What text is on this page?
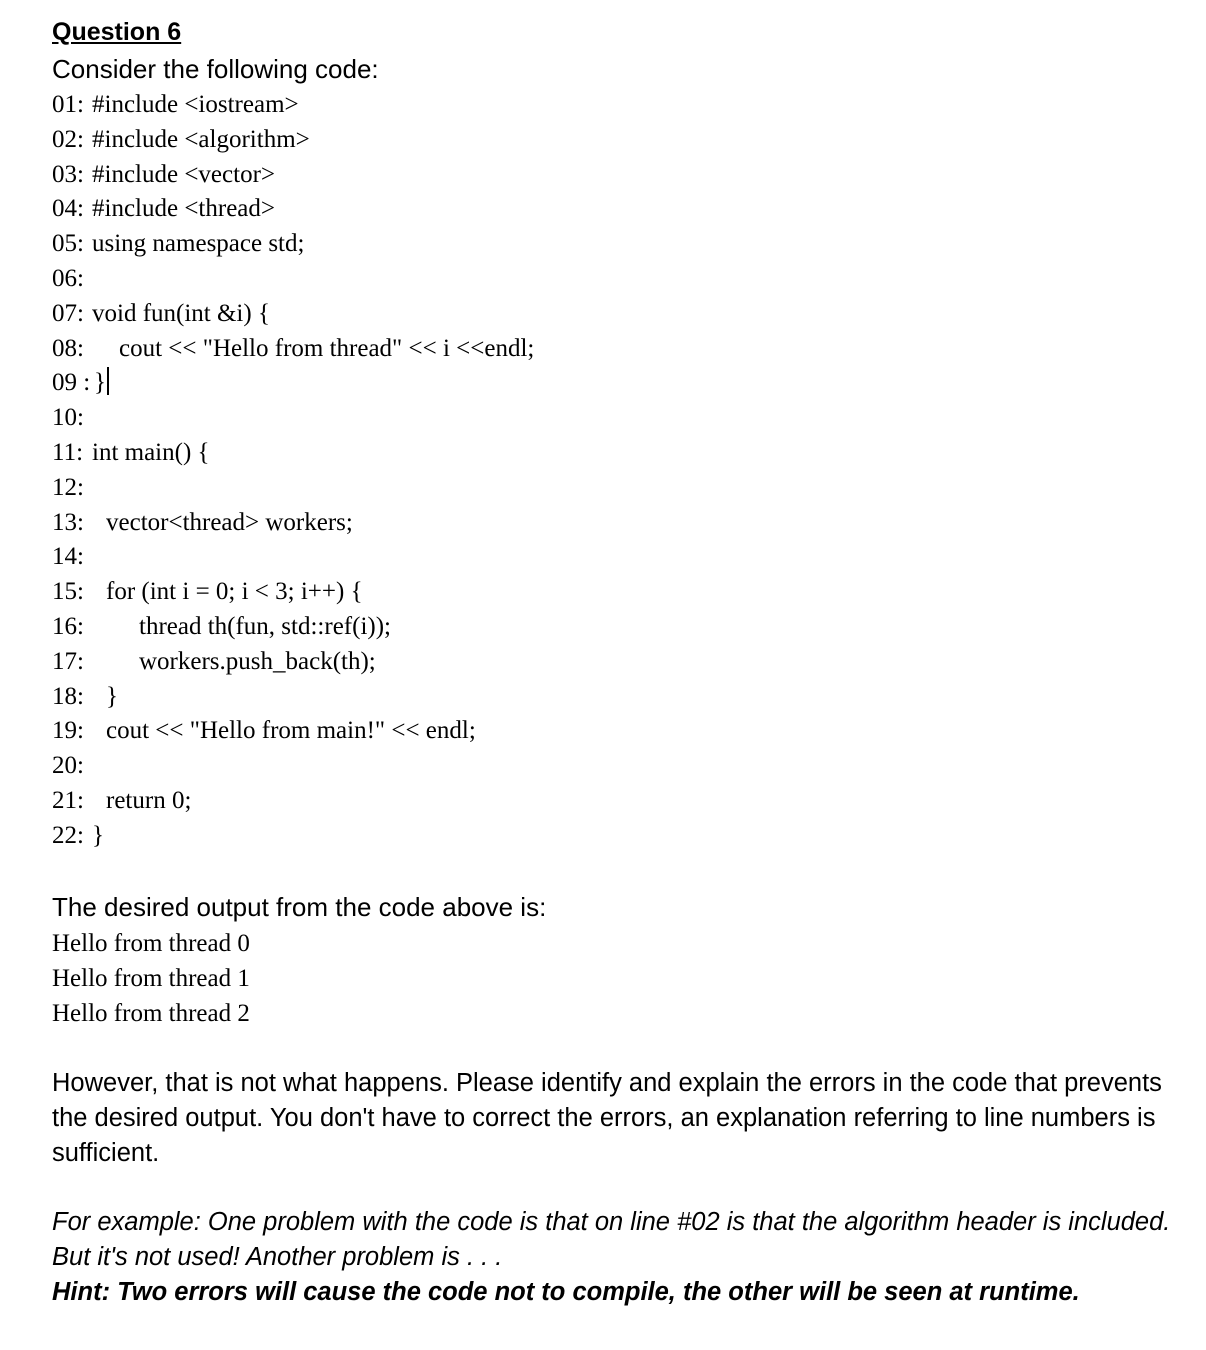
Question 6
Consider the following code:
01: #include <iostream>
02: #include <algorithm>
03: #include <vector>
04: #include <thread>
05: using namespace std;
06:
07: void fun(int &i) {
08: cout << "Hello from thread" << i <<endl;
09 : }
10:
11: int main() {
12:
13: vector<thread> workers;
14:
15: for (int i = 0; i < 3; i++) {
16: thread th(fun, std::ref(i));
17: workers.push_back(th);
18: }
19: cout << "Hello from main!" << endl;
20:
21: return 0;
22: }
The desired output from the code above is:
Hello from thread 0
Hello from thread 1
Hello from thread 2
However, that is not what happens. Please identify and explain the errors in the code that prevents the desired output. You don't have to correct the errors, an explanation referring to line numbers is sufficient.
For example: One problem with the code is that on line #02 is that the algorithm header is included. But it's not used! Another problem is . . .
Hint: Two errors will cause the code not to compile, the other will be seen at runtime.
